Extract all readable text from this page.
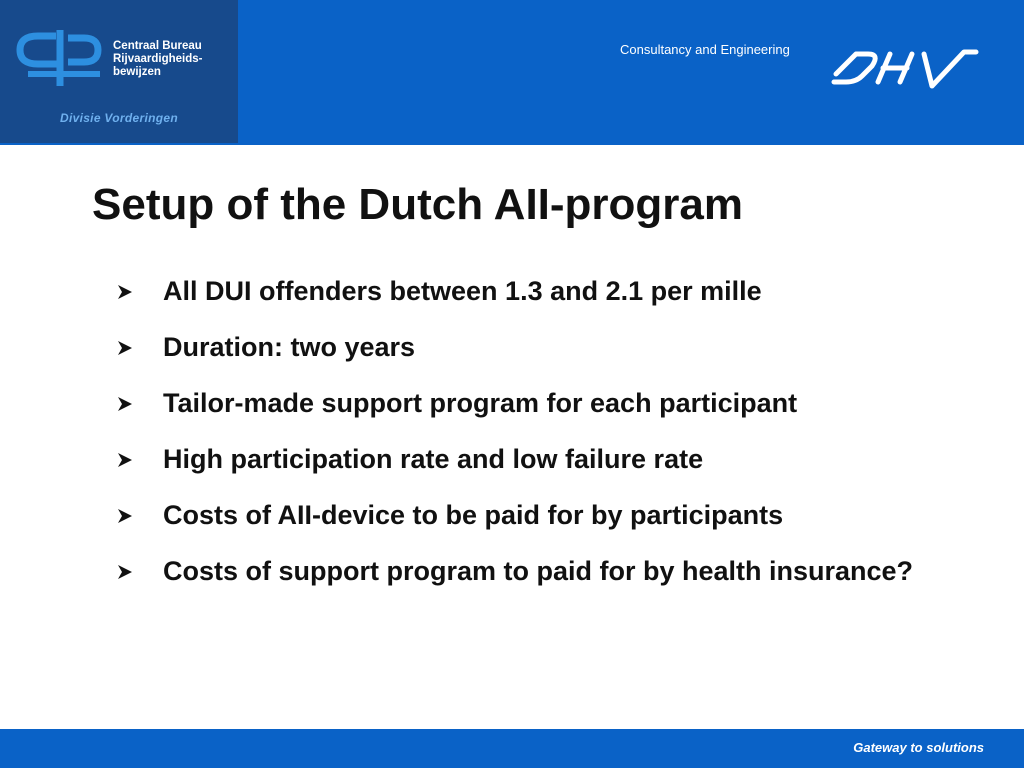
Centraal Bureau
Rijvaardigheids-
bewijzen
Divisie Vorderingen
Consultancy and Engineering
Setup of the Dutch AII-program
All DUI offenders between 1.3 and 2.1 per mille
Duration: two years
Tailor-made support program for each participant
High participation rate and low failure rate
Costs of AII-device to be paid for by participants
Costs of support program to paid for by health insurance?
Gateway to solutions
